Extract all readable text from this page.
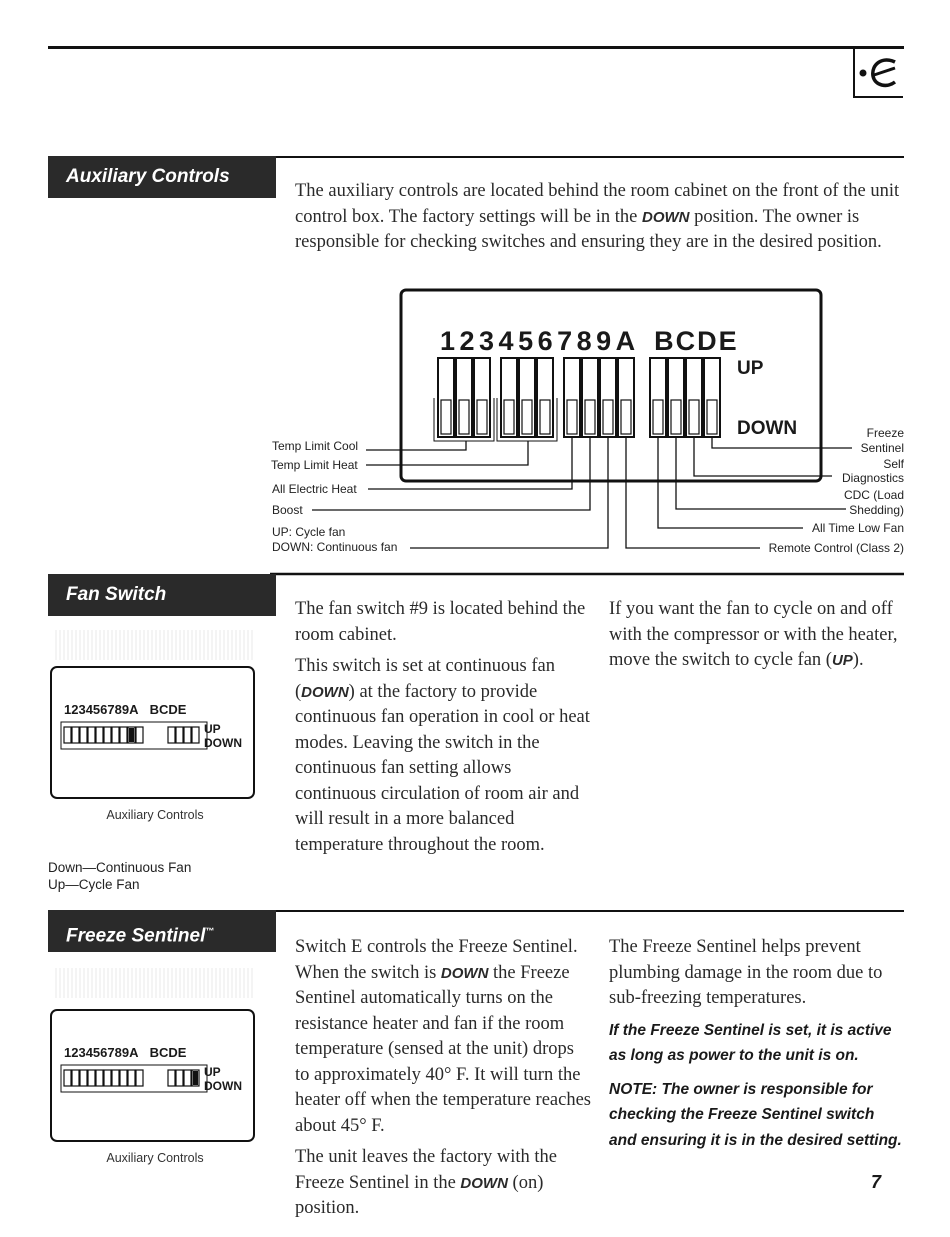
Auxiliary Controls
The auxiliary controls are located behind the room cabinet on the front of the unit control box. The factory settings will be in the DOWN position. The owner is responsible for checking switches and ensuring they are in the desired position.
123456789A BCDE
UP
DOWN
Temp Limit Cool
Temp Limit Heat
All Electric Heat
Boost
UP: Cycle fan
DOWN: Continuous fan
Freeze
Sentinel
Self
Diagnostics
CDC (Load
Shedding)
All Time Low Fan
Remote Control (Class 2)
Fan Switch

The fan switch #9 is located behind the room cabinet.

This switch is set at continuous fan (DOWN) at the factory to provide continuous fan operation in cool or heat modes. Leaving the switch in the continuous fan setting allows continuous circulation of room air and will result in a more balanced temperature throughout the room.

If you want the fan to cycle on and off with the compressor or with the heater, move the switch to cycle fan (UP).

123456789A BCDE
UP
DOWN
Auxiliary Controls
Down—Continuous Fan
Up—Cycle Fan
Freeze Sentinel™

Switch E controls the Freeze Sentinel. When the switch is DOWN the Freeze Sentinel automatically turns on the resistance heater and fan if the room temperature (sensed at the unit) drops to approximately 40° F. It will turn the heater off when the temperature reaches about 45° F.

The unit leaves the factory with the Freeze Sentinel in the DOWN (on) position.

The Freeze Sentinel helps prevent plumbing damage in the room due to sub-freezing temperatures.

If the Freeze Sentinel is set, it is active as long as power to the unit is on.

NOTE: The owner is responsible for checking the Freeze Sentinel switch and ensuring it is in the desired setting.

123456789A BCDE
UP
DOWN
Auxiliary Controls
7
